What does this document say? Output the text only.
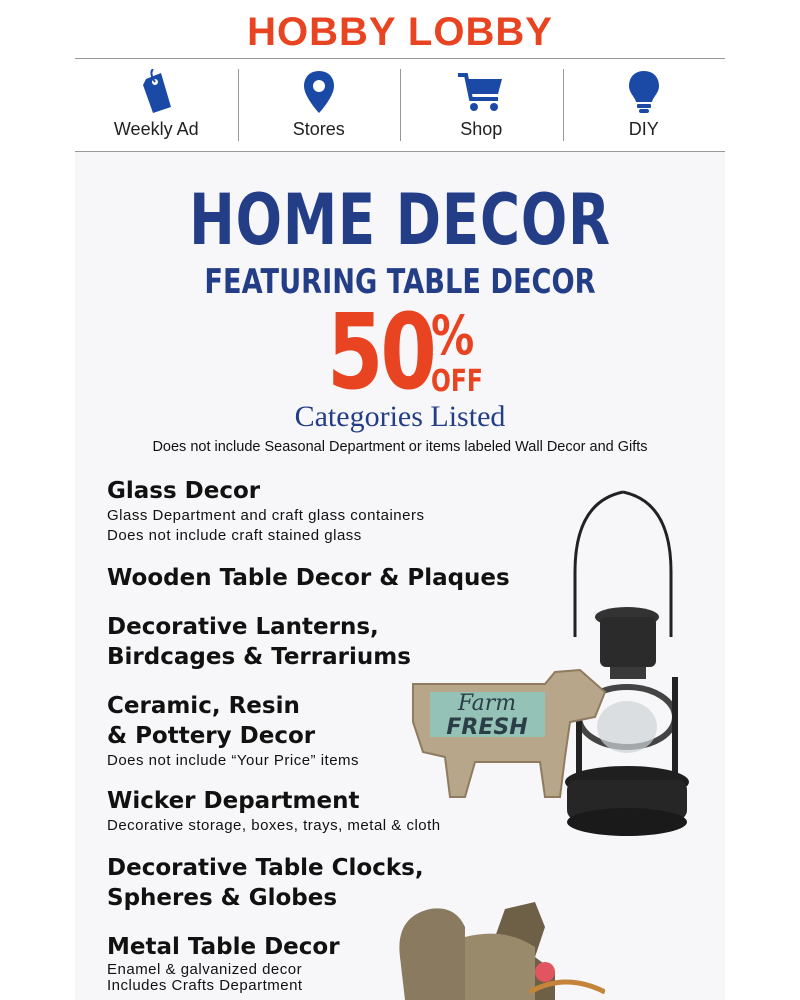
HOBBY LOBBY
Weekly Ad	Stores	Shop	DIY
HOME DECOR
FEATURING TABLE DECOR
50
%
OFF
Categories Listed
Does not include Seasonal Department or items labeled Wall Decor and Gifts
Farm
FRESH
Glass Decor
Glass Department and craft glass containers
Does not include craft stained glass
Wooden Table Decor & Plaques
Decorative Lanterns,
Birdcages & Terrariums
Ceramic, Resin
& Pottery Decor
Does not include “Your Price” items
Wicker Department
Decorative storage, boxes, trays, metal & cloth
Decorative Table Clocks,
Spheres & Globes
Metal Table Decor
Enamel & galvanized decor
Includes Crafts Department
